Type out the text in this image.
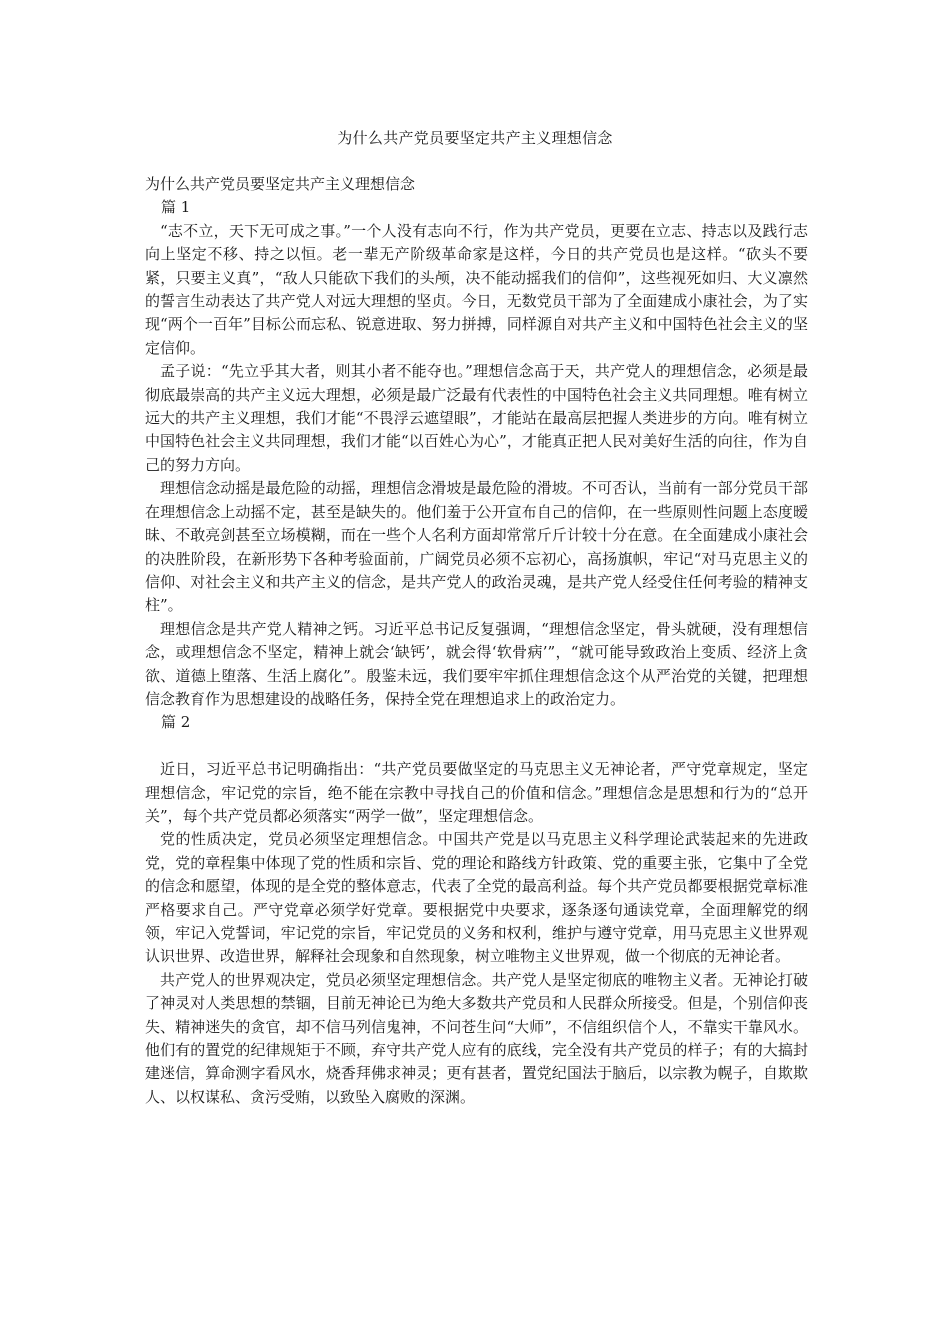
为什么共产党员要坚定共产主义理想信念

为什么共产党员要坚定共产主义理想信念

篇 1

“志不立，天下无可成之事。”一个人没有志向不行，作为共产党员，更要在立志、持志以及践行志向上坚定不移、持之以恒。老一辈无产阶级革命家是这样，今日的共产党员也是这样。“砍头不要紧，只要主义真”，“敌人只能砍下我们的头颅，决不能动摇我们的信仰”，这些视死如归、大义凛然的誓言生动表达了共产党人对远大理想的坚贞。今日，无数党员干部为了全面建成小康社会，为了实现“两个一百年”目标公而忘私、锐意进取、努力拼搏，同样源自对共产主义和中国特色社会主义的坚定信仰。

孟子说：“先立乎其大者，则其小者不能夺也。”理想信念高于天，共产党人的理想信念，必须是最彻底最崇高的共产主义远大理想，必须是最广泛最有代表性的中国特色社会主义共同理想。唯有树立远大的共产主义理想，我们才能“不畏浮云遮望眼”，才能站在最高层把握人类进步的方向。唯有树立中国特色社会主义共同理想，我们才能“以百姓心为心”，才能真正把人民对美好生活的向往，作为自己的努力方向。

理想信念动摇是最危险的动摇，理想信念滑坡是最危险的滑坡。不可否认，当前有一部分党员干部在理想信念上动摇不定，甚至是缺失的。他们羞于公开宣布自己的信仰，在一些原则性问题上态度暧昧、不敢亮剑甚至立场模糊，而在一些个人名利方面却常常斤斤计较十分在意。在全面建成小康社会的决胜阶段，在新形势下各种考验面前，广阔党员必须不忘初心，高扬旗帜，牢记“对马克思主义的信仰、对社会主义和共产主义的信念，是共产党人的政治灵魂，是共产党人经受住任何考验的精神支柱”。

理想信念是共产党人精神之钙。习近平总书记反复强调，“理想信念坚定，骨头就硬，没有理想信念，或理想信念不坚定，精神上就会‘缺钙’，就会得‘软骨病’”，“就可能导致政治上变质、经济上贪欲、道德上堕落、生活上腐化”。殷鉴未远，我们要牢牢抓住理想信念这个从严治党的关键，把理想信念教育作为思想建设的战略任务，保持全党在理想追求上的政治定力。

篇 2

近日，习近平总书记明确指出：“共产党员要做坚定的马克思主义无神论者，严守党章规定，坚定理想信念，牢记党的宗旨，绝不能在宗教中寻找自己的价值和信念。”理想信念是思想和行为的“总开关”，每个共产党员都必须落实“两学一做”，坚定理想信念。

党的性质决定，党员必须坚定理想信念。中国共产党是以马克思主义科学理论武装起来的先进政党，党的章程集中体现了党的性质和宗旨、党的理论和路线方针政策、党的重要主张，它集中了全党的信念和愿望，体现的是全党的整体意志，代表了全党的最高利益。每个共产党员都要根据党章标准严格要求自己。严守党章必须学好党章。要根据党中央要求，逐条逐句通读党章，全面理解党的纲领，牢记入党誓词，牢记党的宗旨，牢记党员的义务和权利，维护与遵守党章，用马克思主义世界观认识世界、改造世界，解释社会现象和自然现象，树立唯物主义世界观，做一个彻底的无神论者。

共产党人的世界观决定，党员必须坚定理想信念。共产党人是坚定彻底的唯物主义者。无神论打破了神灵对人类思想的禁锢，目前无神论已为绝大多数共产党员和人民群众所接受。但是，个别信仰丧失、精神迷失的贪官，却不信马列信鬼神，不问苍生问“大师”，不信组织信个人，不靠实干靠风水。他们有的置党的纪律规矩于不顾，弃守共产党人应有的底线，完全没有共产党员的样子；有的大搞封建迷信，算命测字看风水，烧香拜佛求神灵；更有甚者，置党纪国法于脑后，以宗教为幌子，自欺欺人、以权谋私、贪污受贿，以致坠入腐败的深渊。
